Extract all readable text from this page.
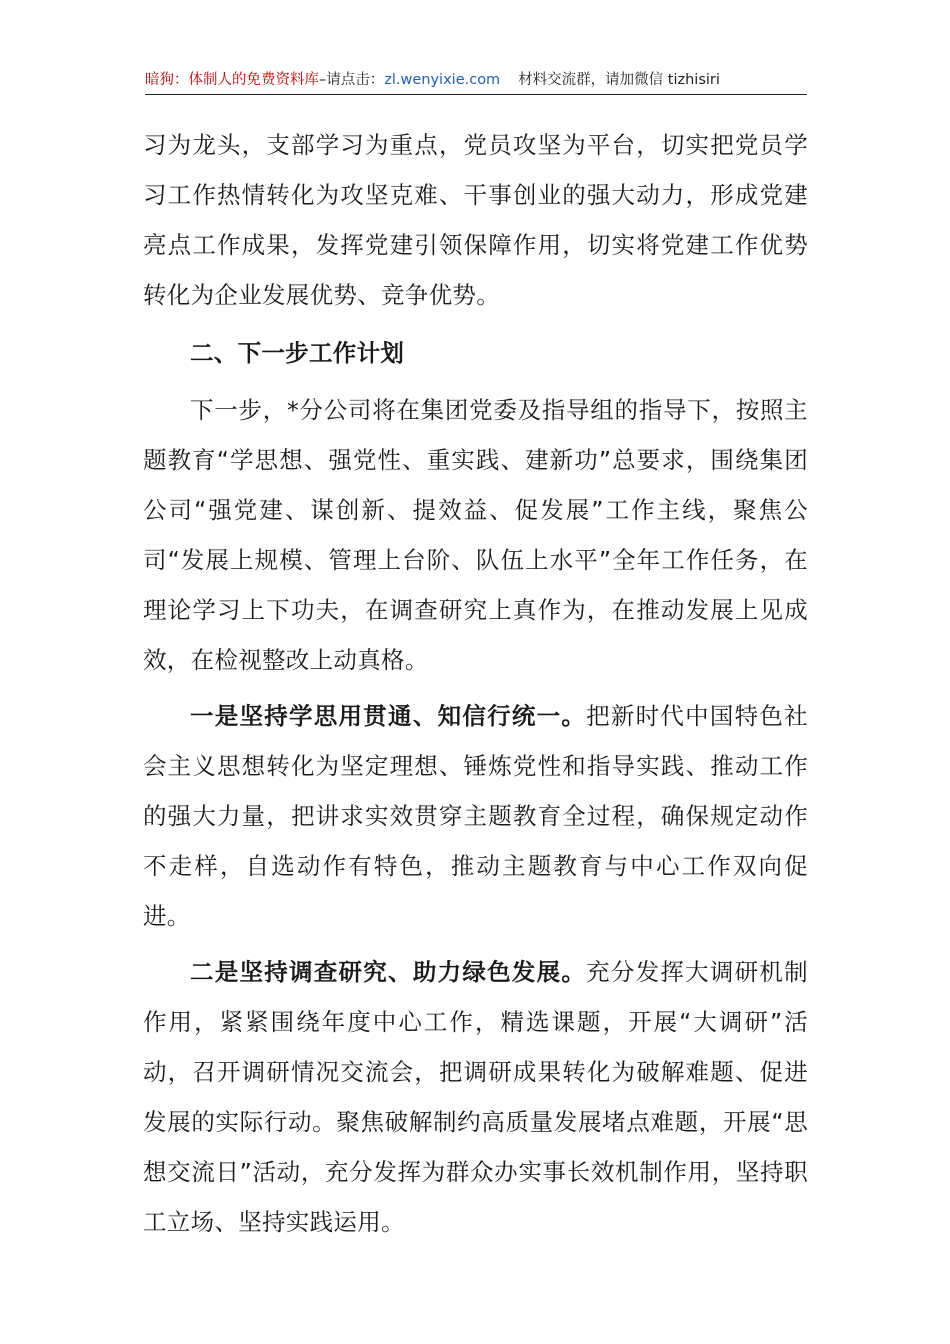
暗狗：体制人的免费资料库–请点击：zl.wenyixie.com 材料交流群，请加微信 tizhisiri

习为龙头，支部学习为重点，党员攻坚为平台，切实把党员学习工作热情转化为攻坚克难、干事创业的强大动力，形成党建亮点工作成果，发挥党建引领保障作用，切实将党建工作优势转化为企业发展优势、竞争优势。

二、下一步工作计划

下一步，*分公司将在集团党委及指导组的指导下，按照主题教育“学思想、强党性、重实践、建新功”总要求，围绕集团公司“强党建、谋创新、提效益、促发展”工作主线，聚焦公司“发展上规模、管理上台阶、队伍上水平”全年工作任务，在理论学习上下功夫，在调查研究上真作为，在推动发展上见成效，在检视整改上动真格。

一是坚持学思用贯通、知信行统一。把新时代中国特色社会主义思想转化为坚定理想、锤炼党性和指导实践、推动工作的强大力量，把讲求实效贯穿主题教育全过程，确保规定动作不走样，自选动作有特色，推动主题教育与中心工作双向促进。

二是坚持调查研究、助力绿色发展。充分发挥大调研机制作用，紧紧围绕年度中心工作，精选课题，开展“大调研”活动，召开调研情况交流会，把调研成果转化为破解难题、促进发展的实际行动。聚焦破解制约高质量发展堵点难题，开展“思想交流日”活动，充分发挥为群众办实事长效机制作用，坚持职工立场、坚持实践运用。
